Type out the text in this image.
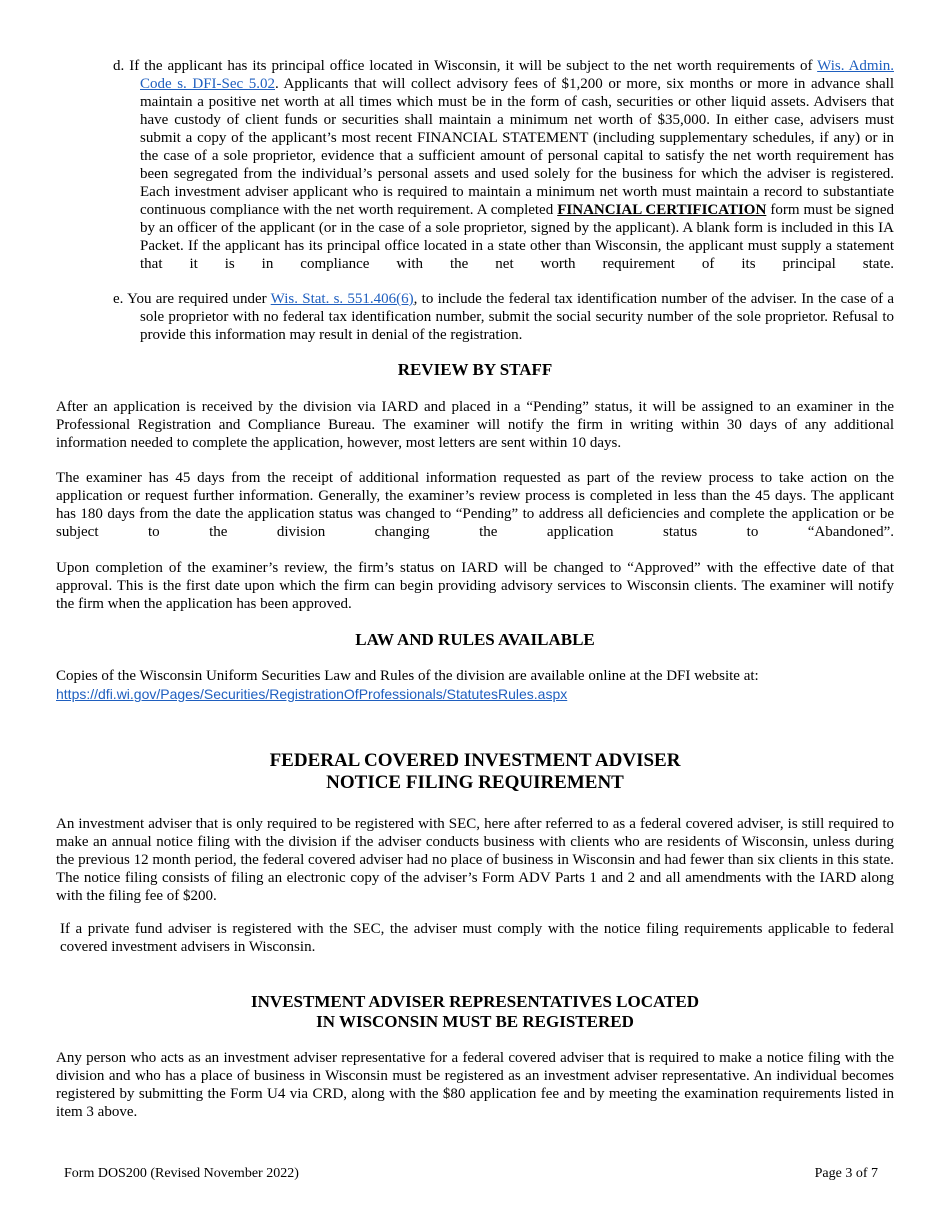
d. If the applicant has its principal office located in Wisconsin, it will be subject to the net worth requirements of Wis. Admin. Code s. DFI-Sec 5.02. Applicants that will collect advisory fees of $1,200 or more, six months or more in advance shall maintain a positive net worth at all times which must be in the form of cash, securities or other liquid assets. Advisers that have custody of client funds or securities shall maintain a minimum net worth of $35,000. In either case, advisers must submit a copy of the applicant’s most recent FINANCIAL STATEMENT (including supplementary schedules, if any) or in the case of a sole proprietor, evidence that a sufficient amount of personal capital to satisfy the net worth requirement has been segregated from the individual’s personal assets and used solely for the business for which the adviser is registered. Each investment adviser applicant who is required to maintain a minimum net worth must maintain a record to substantiate continuous compliance with the net worth requirement. A completed FINANCIAL CERTIFICATION form must be signed by an officer of the applicant (or in the case of a sole proprietor, signed by the applicant). A blank form is included in this IA Packet. If the applicant has its principal office located in a state other than Wisconsin, the applicant must supply a statement that it is in compliance with the net worth requirement of its principal state.

e. You are required under Wis. Stat. s. 551.406(6), to include the federal tax identification number of the adviser. In the case of a sole proprietor with no federal tax identification number, submit the social security number of the sole proprietor. Refusal to provide this information may result in denial of the registration.

REVIEW BY STAFF

After an application is received by the division via IARD and placed in a “Pending” status, it will be assigned to an examiner in the Professional Registration and Compliance Bureau. The examiner will notify the firm in writing within 30 days of any additional information needed to complete the application, however, most letters are sent within 10 days.

The examiner has 45 days from the receipt of additional information requested as part of the review process to take action on the application or request further information. Generally, the examiner’s review process is completed in less than the 45 days. The applicant has 180 days from the date the application status was changed to “Pending” to address all deficiencies and complete the application or be subject to the division changing the application status to “Abandoned”.

Upon completion of the examiner’s review, the firm’s status on IARD will be changed to “Approved” with the effective date of that approval. This is the first date upon which the firm can begin providing advisory services to Wisconsin clients. The examiner will notify the firm when the application has been approved.

LAW AND RULES AVAILABLE

Copies of the Wisconsin Uniform Securities Law and Rules of the division are available online at the DFI website at:

https://dfi.wi.gov/Pages/Securities/RegistrationOfProfessionals/StatutesRules.aspx
FEDERAL COVERED INVESTMENT ADVISER
NOTICE FILING REQUIREMENT

An investment adviser that is only required to be registered with SEC, here after referred to as a federal covered adviser, is still required to make an annual notice filing with the division if the adviser conducts business with clients who are residents of Wisconsin, unless during the previous 12 month period, the federal covered adviser had no place of business in Wisconsin and had fewer than six clients in this state. The notice filing consists of filing an electronic copy of the adviser’s Form ADV Parts 1 and 2 and all amendments with the IARD along with the filing fee of $200.

If a private fund adviser is registered with the SEC, the adviser must comply with the notice filing requirements applicable to federal covered investment advisers in Wisconsin.

INVESTMENT ADVISER REPRESENTATIVES LOCATED
IN WISCONSIN MUST BE REGISTERED

Any person who acts as an investment adviser representative for a federal covered adviser that is required to make a notice filing with the division and who has a place of business in Wisconsin must be registered as an investment adviser representative. An individual becomes registered by submitting the Form U4 via CRD, along with the $80 application fee and by meeting the examination requirements listed in item 3 above.

Form DOS200 (Revised November 2022)	Page 3 of 7
